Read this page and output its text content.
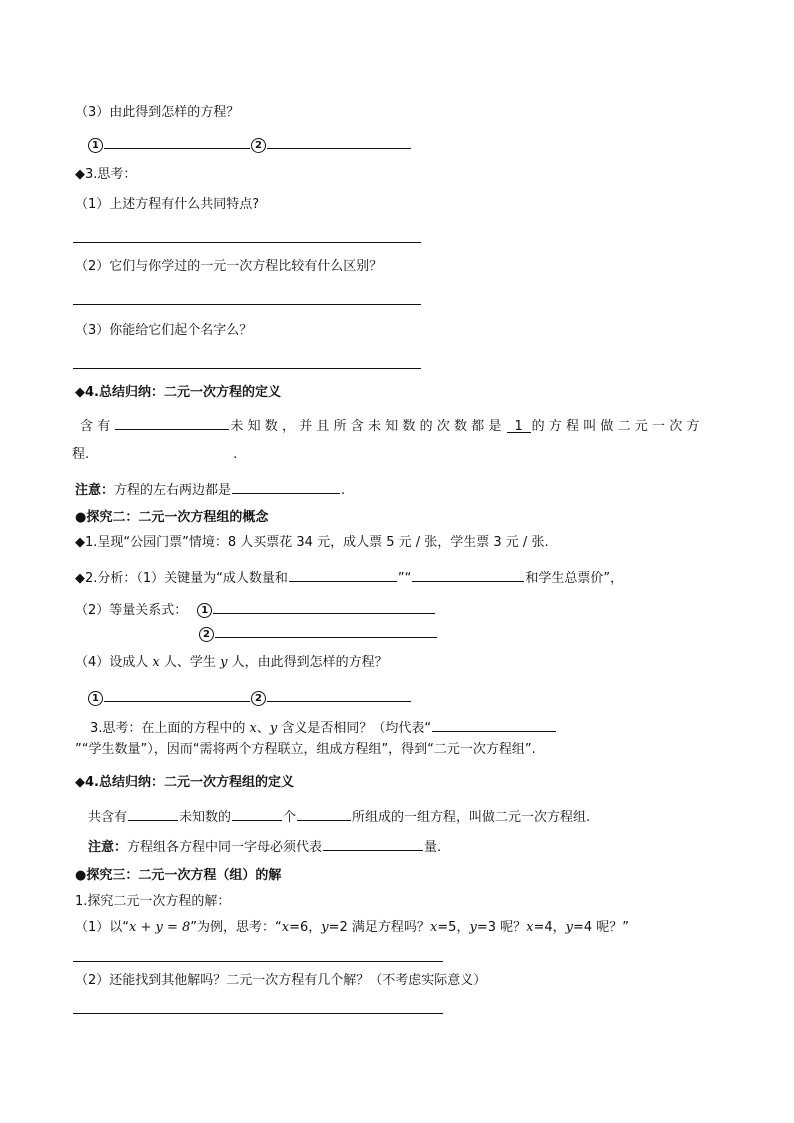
（3）由此得到怎样的方程？
1	2
◆3.思考：
（1）上述方程有什么共同特点?
（2）它们与你学过的一元一次方程比较有什么区别？
（3）你能给它们起个名字么？
◆4.总结归纳：二元一次方程的定义
含有	未知数，并且所含未知数的次数都是 1 的方程叫做二元一次方
程.	.
注意：方程的左右两边都是	.
●探究二：二元一次方程组的概念
◆1.呈现“公园门票”情境：8 人买票花 34 元，成人票 5 元 / 张，学生票 3 元 / 张.
◆2.分析：（1）关键量为“成人数量和	”“	和学生总票价”，
（2）等量关系式： 1
2
（4）设成人 x 人、学生 y 人，由此得到怎样的方程？
1	2
3.思考：在上面的方程中的 x、y 含义是否相同？（均代表“
”“学生数量”），因而“需将两个方程联立，组成方程组”，得到“二元一次方程组”.
◆4.总结归纳：二元一次方程组的定义
共含有	未知数的	个	所组成的一组方程，叫做二元一次方程组.
注意：方程组各方程中同一字母必须代表	量.
●探究三：二元一次方程（组）的解
1.探究二元一次方程的解：
（1）以“x + y = 8”为例，思考：“x=6，y=2 满足方程吗？x=5，y=3 呢？x=4，y=4 呢？”
（2）还能找到其他解吗？二元一次方程有几个解？（不考虑实际意义）
